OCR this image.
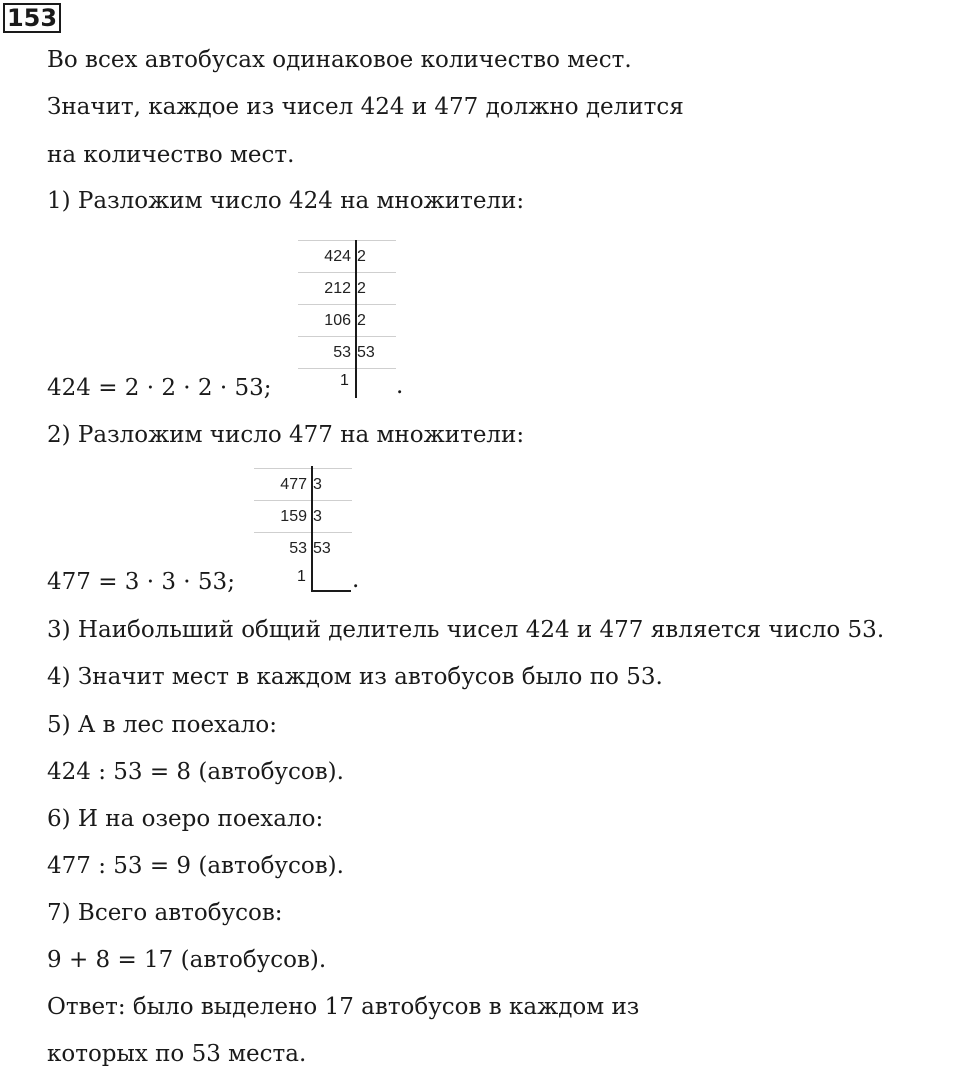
153
Во всех автобусах одинаковое количество мест.
Значит, каждое из чисел 424 и 477 должно делится
на количество мест.
1) Разложим число 424 на множители:
424 2
212 2
106 2
53 53
1
424 = 2 · 2 · 2 · 53;	.
2) Разложим число 477 на множители:
477 3
159 3
53 53
1
477 = 3 · 3 · 53;	.
3) Наибольший общий делитель чисел 424 и 477 является число 53.
4) Значит мест в каждом из автобусов было по 53.
5) А в лес поехало:
424 : 53 = 8 (автобусов).
6) И на озеро поехало:
477 : 53 = 9 (автобусов).
7) Всего автобусов:
9 + 8 = 17 (автобусов).
Ответ: было выделено 17 автобусов в каждом из
которых по 53 места.
